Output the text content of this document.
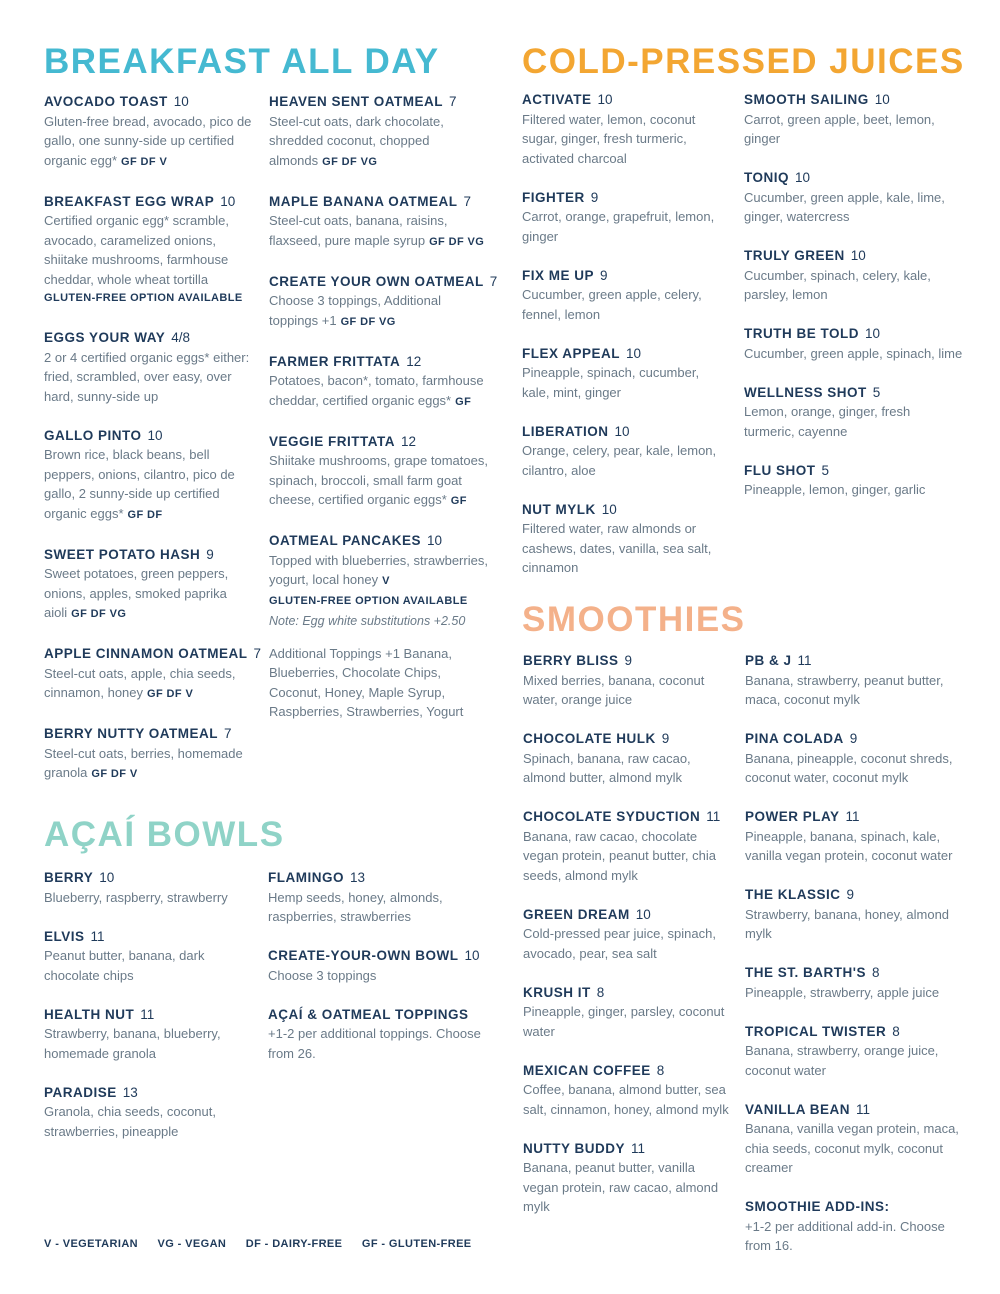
BREAKFAST ALL DAY COLD-PRESSED JUICES
SMOOTHIES
AÇAÍ BOWLS
AVOCADO TOAST 10
Gluten-free bread, avocado, pico de gallo, one sunny-side up certified organic egg* GF DF V
BREAKFAST EGG WRAP 10
Certified organic egg* scramble, avocado, caramelized onions, shiitake mushrooms, farmhouse cheddar, whole wheat tortilla
GLUTEN-FREE OPTION AVAILABLE
EGGS YOUR WAY 4/8
2 or 4 certified organic eggs* either: fried, scrambled, over easy, over hard, sunny-side up
GALLO PINTO 10
Brown rice, black beans, bell peppers, onions, cilantro, pico de gallo, 2 sunny-side up certified organic eggs* GF DF
SWEET POTATO HASH 9
Sweet potatoes, green peppers, onions, apples, smoked paprika aioli GF DF VG
APPLE CINNAMON OATMEAL 7
Steel-cut oats, apple, chia seeds, cinnamon, honey GF DF V
BERRY NUTTY OATMEAL 7
Steel-cut oats, berries, homemade granola GF DF V
HEAVEN SENT OATMEAL 7
Steel-cut oats, dark chocolate, shredded coconut, chopped almonds GF DF VG
MAPLE BANANA OATMEAL 7
Steel-cut oats, banana, raisins, flaxseed, pure maple syrup GF DF VG
CREATE YOUR OWN OATMEAL 7
Choose 3 toppings, Additional toppings +1 GF DF VG
FARMER FRITTATA 12
Potatoes, bacon*, tomato, farmhouse cheddar, certified organic eggs* GF
VEGGIE FRITTATA 12
Shiitake mushrooms, grape tomatoes, spinach, broccoli, small farm goat cheese, certified organic eggs* GF
OATMEAL PANCAKES 10
Topped with blueberries, strawberries, yogurt, local honey V
GLUTEN-FREE OPTION AVAILABLE
Note: Egg white substitutions +2.50
Additional Toppings +1 Banana, Blueberries, Chocolate Chips, Coconut, Honey, Maple Syrup, Raspberries, Strawberries, Yogurt
BERRY 10
Blueberry, raspberry, strawberry
ELVIS 11
Peanut butter, banana, dark chocolate chips
HEALTH NUT 11
Strawberry, banana, blueberry, homemade granola
PARADISE 13
Granola, chia seeds, coconut, strawberries, pineapple
FLAMINGO 13
Hemp seeds, honey, almonds, raspberries, strawberries
CREATE-YOUR-OWN BOWL 10
Choose 3 toppings
AÇAÍ & OATMEAL TOPPINGS
+1-2 per additional toppings. Choose from 26.
ACTIVATE 10
Filtered water, lemon, coconut sugar, ginger, fresh turmeric, activated charcoal
FIGHTER 9
Carrot, orange, grapefruit, lemon, ginger
FIX ME UP 9
Cucumber, green apple, celery, fennel, lemon
FLEX APPEAL 10
Pineapple, spinach, cucumber, kale, mint, ginger
LIBERATION 10
Orange, celery, pear, kale, lemon, cilantro, aloe
NUT MYLK 10
Filtered water, raw almonds or cashews, dates, vanilla, sea salt, cinnamon
SMOOTH SAILING 10
Carrot, green apple, beet, lemon, ginger
TONIQ 10
Cucumber, green apple, kale, lime, ginger, watercress
TRULY GREEN 10
Cucumber, spinach, celery, kale, parsley, lemon
TRUTH BE TOLD 10
Cucumber, green apple, spinach, lime
WELLNESS SHOT 5
Lemon, orange, ginger, fresh turmeric, cayenne
FLU SHOT 5
Pineapple, lemon, ginger, garlic
BERRY BLISS 9
Mixed berries, banana, coconut water, orange juice
CHOCOLATE HULK 9
Spinach, banana, raw cacao, almond butter, almond mylk
CHOCOLATE SYDUCTION 11
Banana, raw cacao, chocolate vegan protein, peanut butter, chia seeds, almond mylk
GREEN DREAM 10
Cold-pressed pear juice, spinach, avocado, pear, sea salt
KRUSH IT 8
Pineapple, ginger, parsley, coconut water
MEXICAN COFFEE 8
Coffee, banana, almond butter, sea salt, cinnamon, honey, almond mylk
NUTTY BUDDY 11
Banana, peanut butter, vanilla vegan protein, raw cacao, almond mylk
PB & J 11
Banana, strawberry, peanut butter, maca, coconut mylk
PINA COLADA 9
Banana, pineapple, coconut shreds, coconut water, coconut mylk
POWER PLAY 11
Pineapple, banana, spinach, kale, vanilla vegan protein, coconut water
THE KLASSIC 9
Strawberry, banana, honey, almond mylk
THE ST. BARTH'S 8
Pineapple, strawberry, apple juice
TROPICAL TWISTER 8
Banana, strawberry, orange juice, coconut water
VANILLA BEAN 11
Banana, vanilla vegan protein, maca, chia seeds, coconut mylk, coconut creamer
SMOOTHIE ADD-INS:
+1-2 per additional add-in. Choose from 16.
V - VEGETARIAN VG - VEGAN DF - DAIRY-FREE GF - GLUTEN-FREE
